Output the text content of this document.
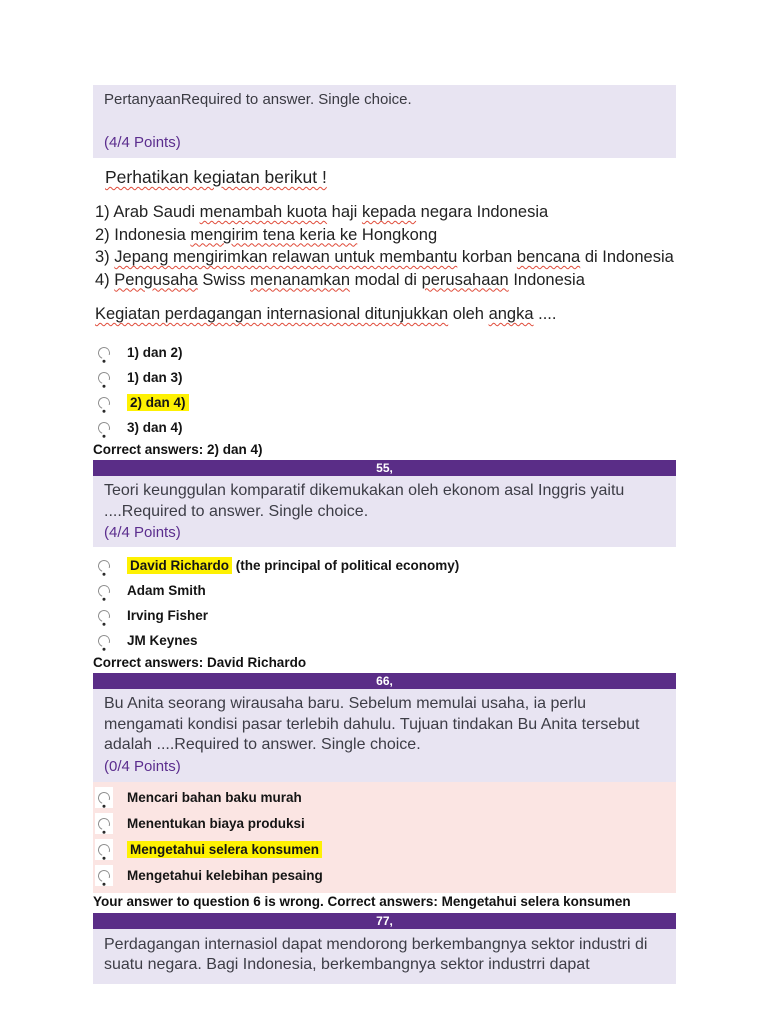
PertanyaanRequired to answer. Single choice.
(4/4 Points)
Perhatikan kegiatan berikut !
1) Arab Saudi menambah kuota haji kepada negara Indonesia
2) Indonesia mengirim tena keria ke Hongkong
3) Jepang mengirimkan relawan untuk membantu korban bencana di Indonesia
4) Pengusaha Swiss menanamkan modal di perusahaan Indonesia
Kegiatan perdagangan internasional ditunjukkan oleh angka ....
1) dan 2)
1) dan 3)
2) dan 4)
3) dan 4)
Correct answers: 2) dan 4)
55,
Teori keunggulan komparatif dikemukakan oleh ekonom asal Inggris yaitu ....Required to answer. Single choice.
(4/4 Points)
David Richardo (the principal of political economy)
Adam Smith
Irving Fisher
JM Keynes
Correct answers: David Richardo
66,
Bu Anita seorang wirausaha baru. Sebelum memulai usaha, ia perlu mengamati kondisi pasar terlebih dahulu. Tujuan tindakan Bu Anita tersebut adalah ....Required to answer. Single choice.
(0/4 Points)
Mencari bahan baku murah
Menentukan biaya produksi
Mengetahui selera konsumen
Mengetahui kelebihan pesaing
Your answer to question 6 is wrong. Correct answers: Mengetahui selera konsumen
77,
Perdagangan internasiol dapat mendorong berkembangnya sektor industri di suatu negara. Bagi Indonesia, berkembangnya sektor industrri dapat
